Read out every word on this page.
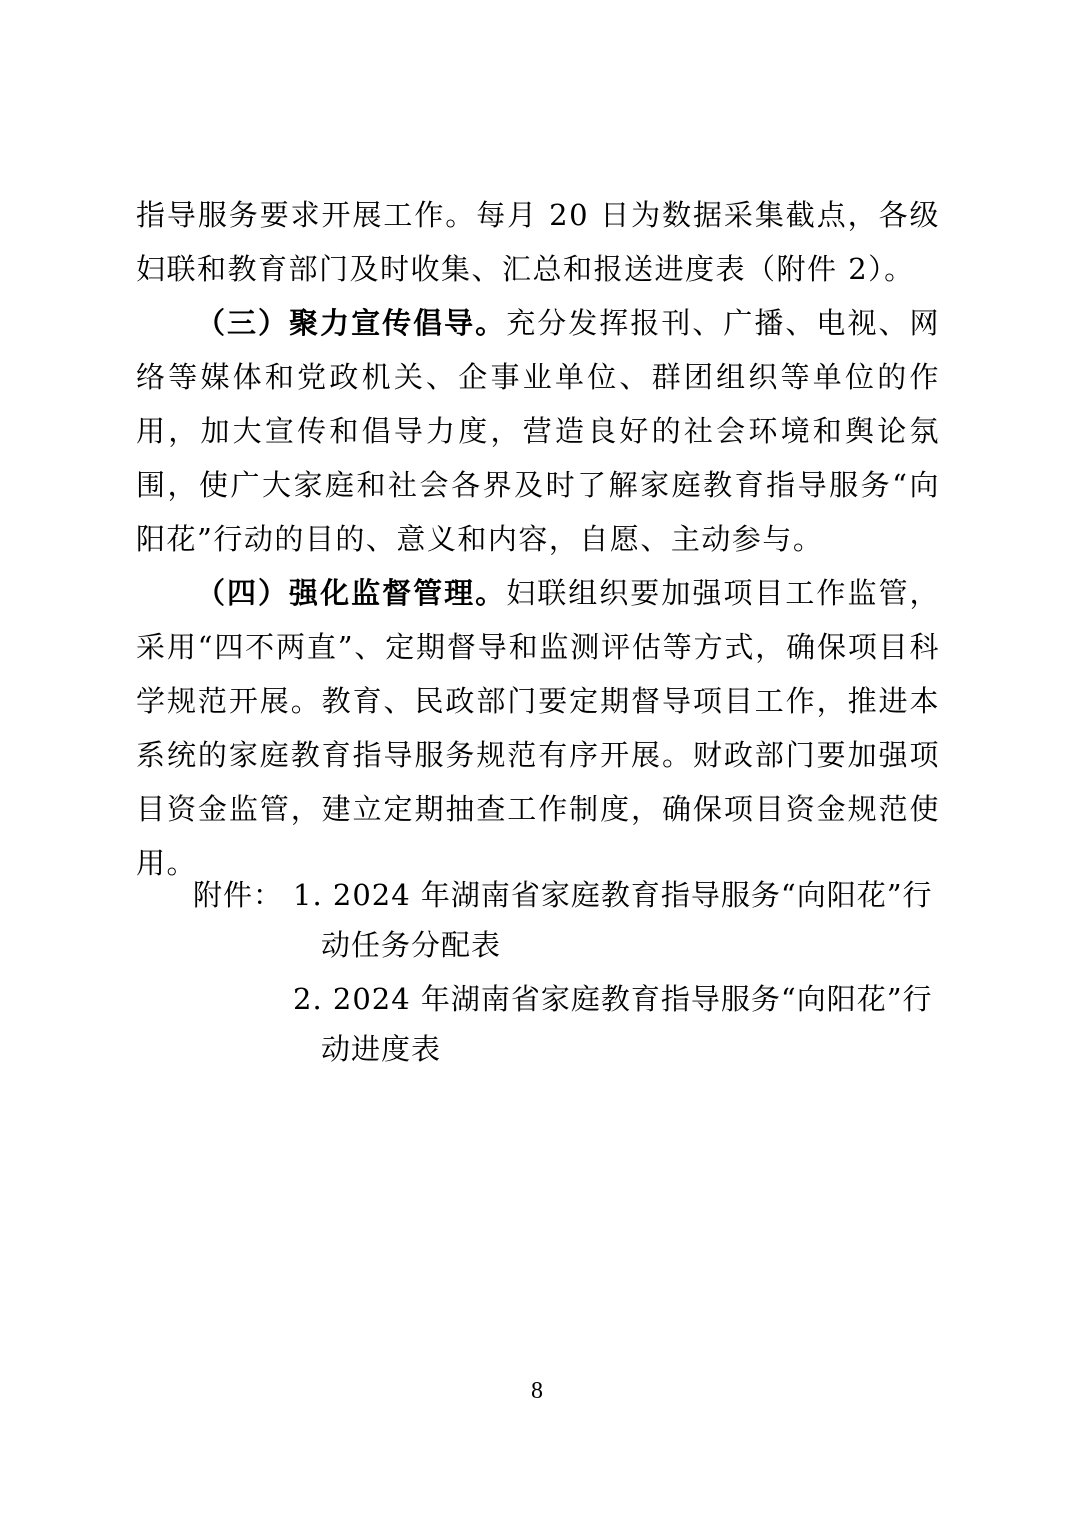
指导服务要求开展工作。每月 20 日为数据采集截点，各级妇联和教育部门及时收集、汇总和报送进度表（附件 2）。

（三）聚力宣传倡导。充分发挥报刊、广播、电视、网络等媒体和党政机关、企事业单位、群团组织等单位的作用，加大宣传和倡导力度，营造良好的社会环境和舆论氛围，使广大家庭和社会各界及时了解家庭教育指导服务“向阳花”行动的目的、意义和内容，自愿、主动参与。

（四）强化监督管理。妇联组织要加强项目工作监管，采用“四不两直”、定期督导和监测评估等方式，确保项目科学规范开展。教育、民政部门要定期督导项目工作，推进本系统的家庭教育指导服务规范有序开展。财政部门要加强项目资金监管，建立定期抽查工作制度，确保项目资金规范使用。

附件： 1. 2024 年湖南省家庭教育指导服务“向阳花”行动任务分配表
2. 2024 年湖南省家庭教育指导服务“向阳花”行动进度表
8
